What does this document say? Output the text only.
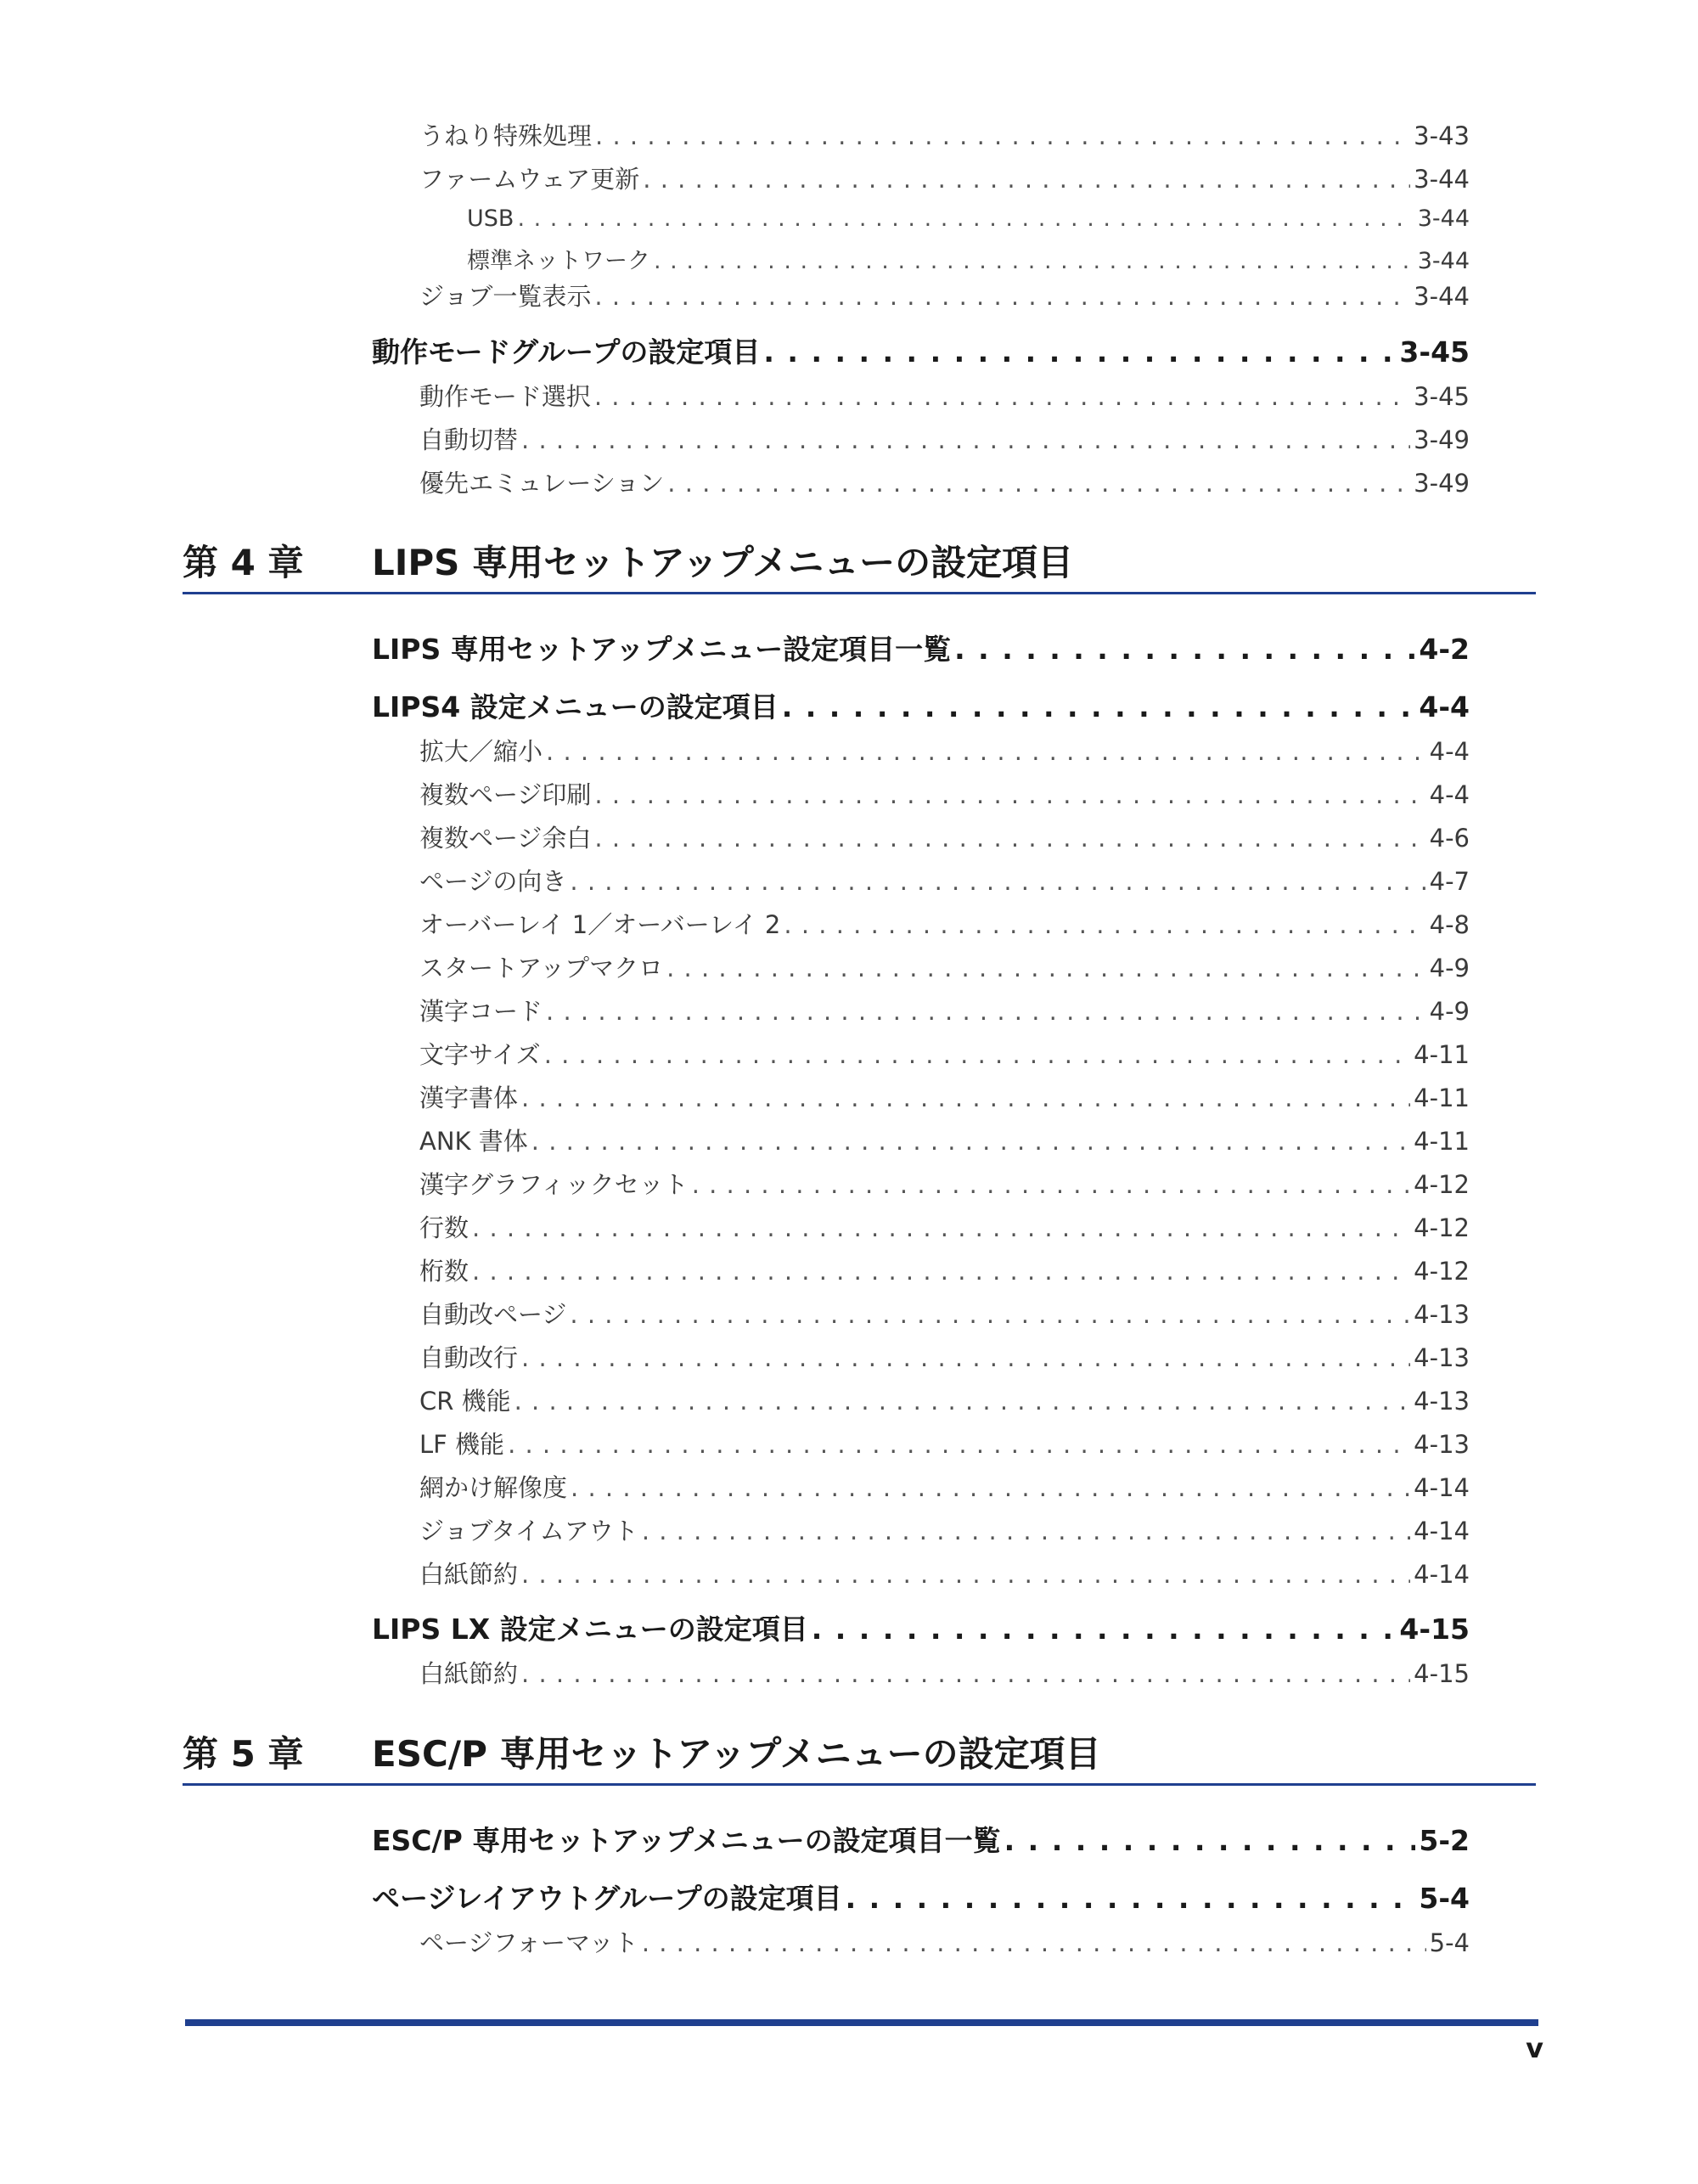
うねり特殊処理 . . .	3-43
ファームウェア更新 . . .	3-44
USB . . .	3-44
標準ネットワーク . . .	3-44
ジョブ一覧表示 . . .	3-44
動作モードグループの設定項目 . . .	3-45
動作モード選択 . . .	3-45
自動切替 . . .	3-49
優先エミュレーション . . .	3-49
第 4 章 LIPS 専用セットアップメニューの設定項目
LIPS 専用セットアップメニュー設定項目一覧 . . .	4-2
LIPS4 設定メニューの設定項目 . . .	4-4
拡大／縮小 . . .	4-4
複数ページ印刷 . . .	4-4
複数ページ余白 . . .	4-6
ページの向き . . .	4-7
オーバーレイ 1／オーバーレイ 2 . . .	4-8
スタートアップマクロ . . .	4-9
漢字コード . . .	4-9
文字サイズ . . .	4-11
漢字書体 . . .	4-11
ANK 書体 . . .	4-11
漢字グラフィックセット . . .	4-12
行数 . . .	4-12
桁数 . . .	4-12
自動改ページ . . .	4-13
自動改行 . . .	4-13
CR 機能 . . .	4-13
LF 機能 . . .	4-13
網かけ解像度 . . .	4-14
ジョブタイムアウト . . .	4-14
白紙節約 . . .	4-14
LIPS LX 設定メニューの設定項目 . . .	4-15
白紙節約 . . .	4-15
第 5 章 ESC/P 専用セットアップメニューの設定項目
ESC/P 専用セットアップメニューの設定項目一覧 . . .	5-2
ページレイアウトグループの設定項目 . . .	5-4
ページフォーマット . . .	5-4
v
